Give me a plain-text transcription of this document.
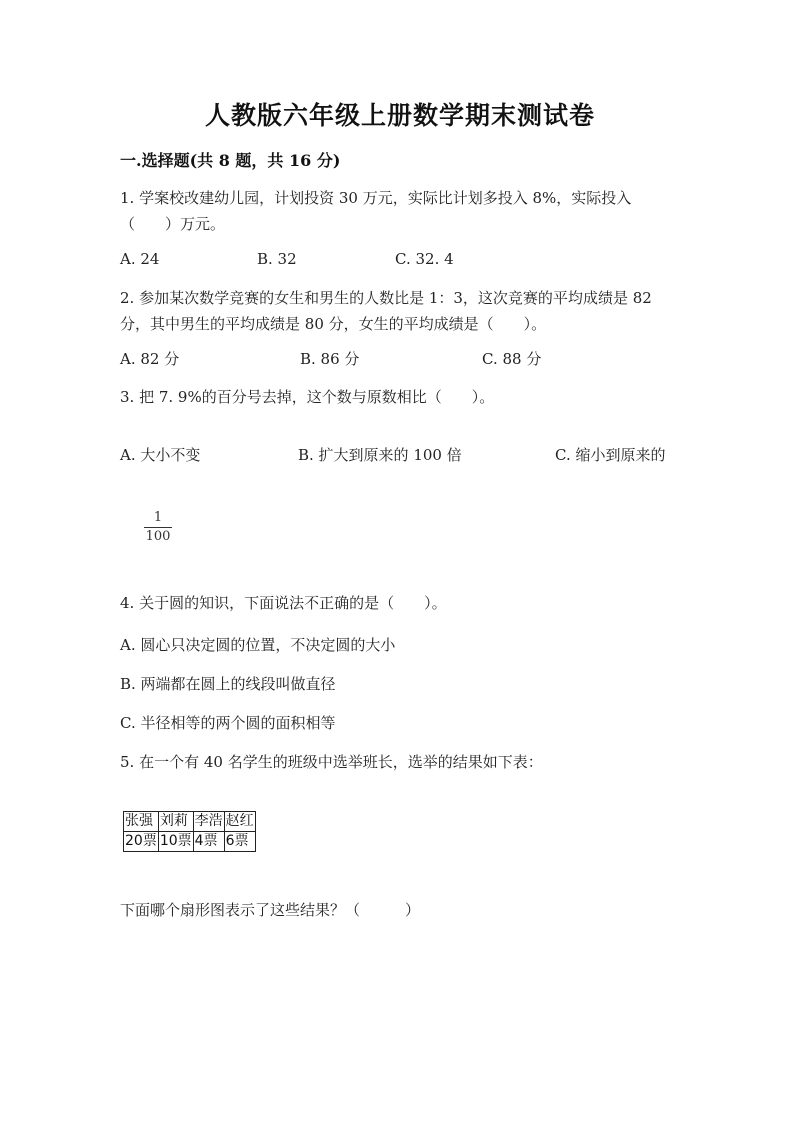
人教版六年级上册数学期末测试卷
一.选择题(共 8 题，共 16 分)
1. 学案校改建幼儿园，计划投资 30 万元，实际比计划多投入 8%，实际投入
（　　）万元。
A. 24	B. 32	C. 32. 4
2. 参加某次数学竞赛的女生和男生的人数比是 1：3，这次竞赛的平均成绩是 82
分，其中男生的平均成绩是 80 分，女生的平均成绩是（　　）。
A. 82 分	B. 86 分	C. 88 分
3. 把 7. 9%的百分号去掉，这个数与原数相比（　　）。
A. 大小不变	B. 扩大到原来的 100 倍	C. 缩小到原来的
1
100
4. 关于圆的知识，下面说法不正确的是（　　）。
A. 圆心只决定圆的位置，不决定圆的大小
B. 两端都在圆上的线段叫做直径
C. 半径相等的两个圆的面积相等
5. 在一个有 40 名学生的班级中选举班长，选举的结果如下表：
张强	刘莉	李浩	赵红
20票	10票	4票	6票
下面哪个扇形图表示了这些结果？（　　　）
